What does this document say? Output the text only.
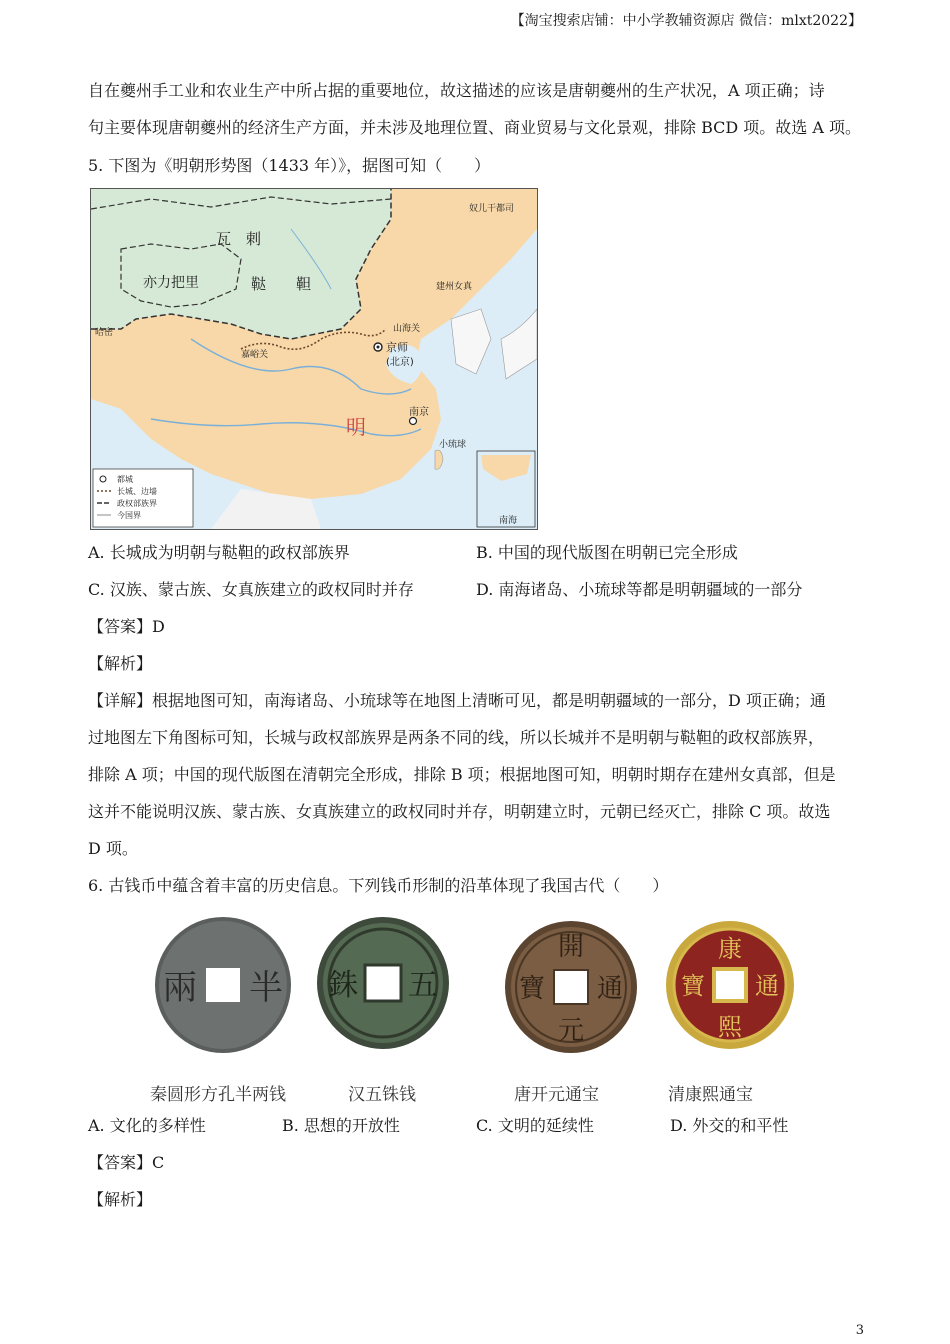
【淘宝搜索店铺：中小学教辅资源店 微信：mlxt2022】
自在夔州手工业和农业生产中所占据的重要地位，故这描述的应该是唐朝夔州的生产状况，A 项正确；诗
句主要体现唐朝夔州的经济生产方面，并未涉及地理位置、商业贸易与文化景观，排除 BCD 项。故选 A 项。
5. 下图为《明朝形势图（1433 年）》，据图可知（　　）
瓦　剌
鞑　　靼
亦力把里
明
京师
(北京)
南京
山海关
嘉峪关
奴儿干都司
建州女真
小琉球
哈密
南海
都城
长城、边墙
政权部族界
今国界
A. 长城成为明朝与鞑靼的政权部族界	B. 中国的现代版图在明朝已完全形成
C. 汉族、蒙古族、女真族建立的政权同时并存	D. 南海诸岛、小琉球等都是明朝疆域的一部分
【答案】D
【解析】
【详解】根据地图可知，南海诸岛、小琉球等在地图上清晰可见，都是明朝疆域的一部分，D 项正确；通
过地图左下角图标可知，长城与政权部族界是两条不同的线，所以长城并不是明朝与鞑靼的政权部族界，
排除 A 项；中国的现代版图在清朝完全形成，排除 B 项；根据地图可知，明朝时期存在建州女真部，但是
这并不能说明汉族、蒙古族、女真族建立的政权同时并存，明朝建立时，元朝已经灭亡，排除 C 项。故选
D 项。
6. 古钱币中蕴含着丰富的历史信息。下列钱币形制的沿革体现了我国古代（　　）
兩 半 銖 五
開
元
寶 通
康
熙
寶 通
秦圆形方孔半两钱	汉五铢钱	唐开元通宝	清康熙通宝
A. 文化的多样性	B. 思想的开放性	C. 文明的延续性	D. 外交的和平性
【答案】C
【解析】
3
